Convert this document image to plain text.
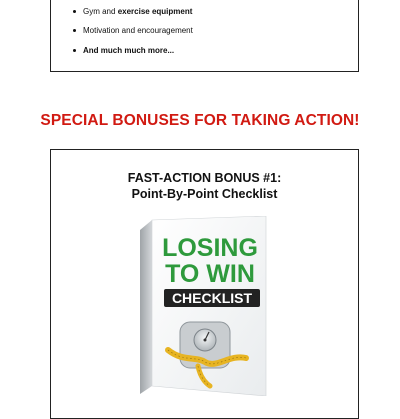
Gym and exercise equipment
Motivation and encouragement
And much much more...
SPECIAL BONUSES FOR TAKING ACTION!

FAST-ACTION BONUS #1:

Point-By-Point Checklist

LOSING
TO WIN
CHECKLIST
